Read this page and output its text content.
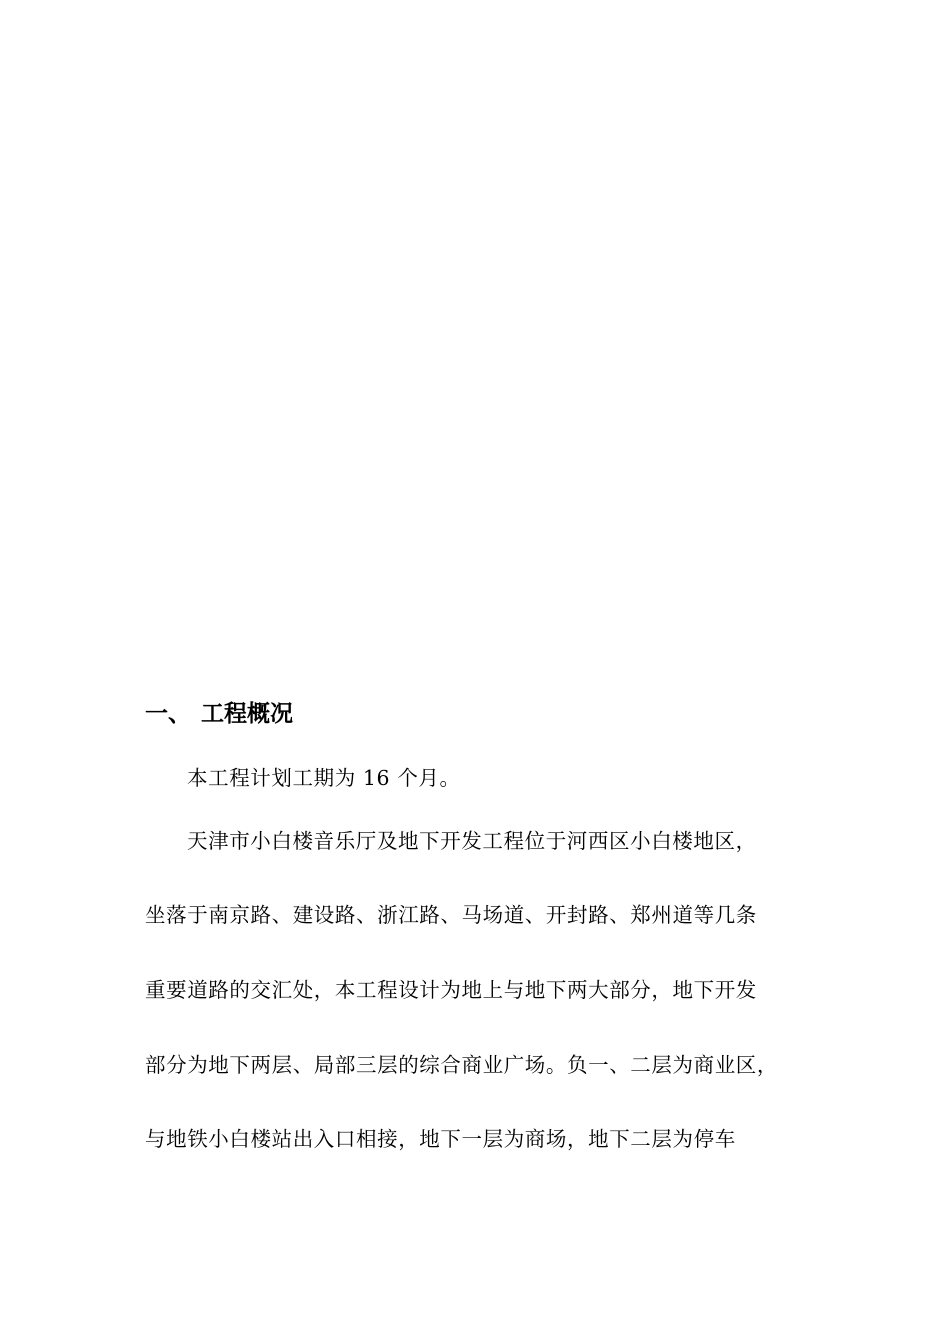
一、 工程概况
本工程计划工期为 16 个月。
天津市小白楼音乐厅及地下开发工程位于河西区小白楼地区，
坐落于南京路、建设路、浙江路、马场道、开封路、郑州道等几条
重要道路的交汇处，本工程设计为地上与地下两大部分，地下开发
部分为地下两层、局部三层的综合商业广场。负一、二层为商业区，
与地铁小白楼站出入口相接，地下一层为商场，地下二层为停车
